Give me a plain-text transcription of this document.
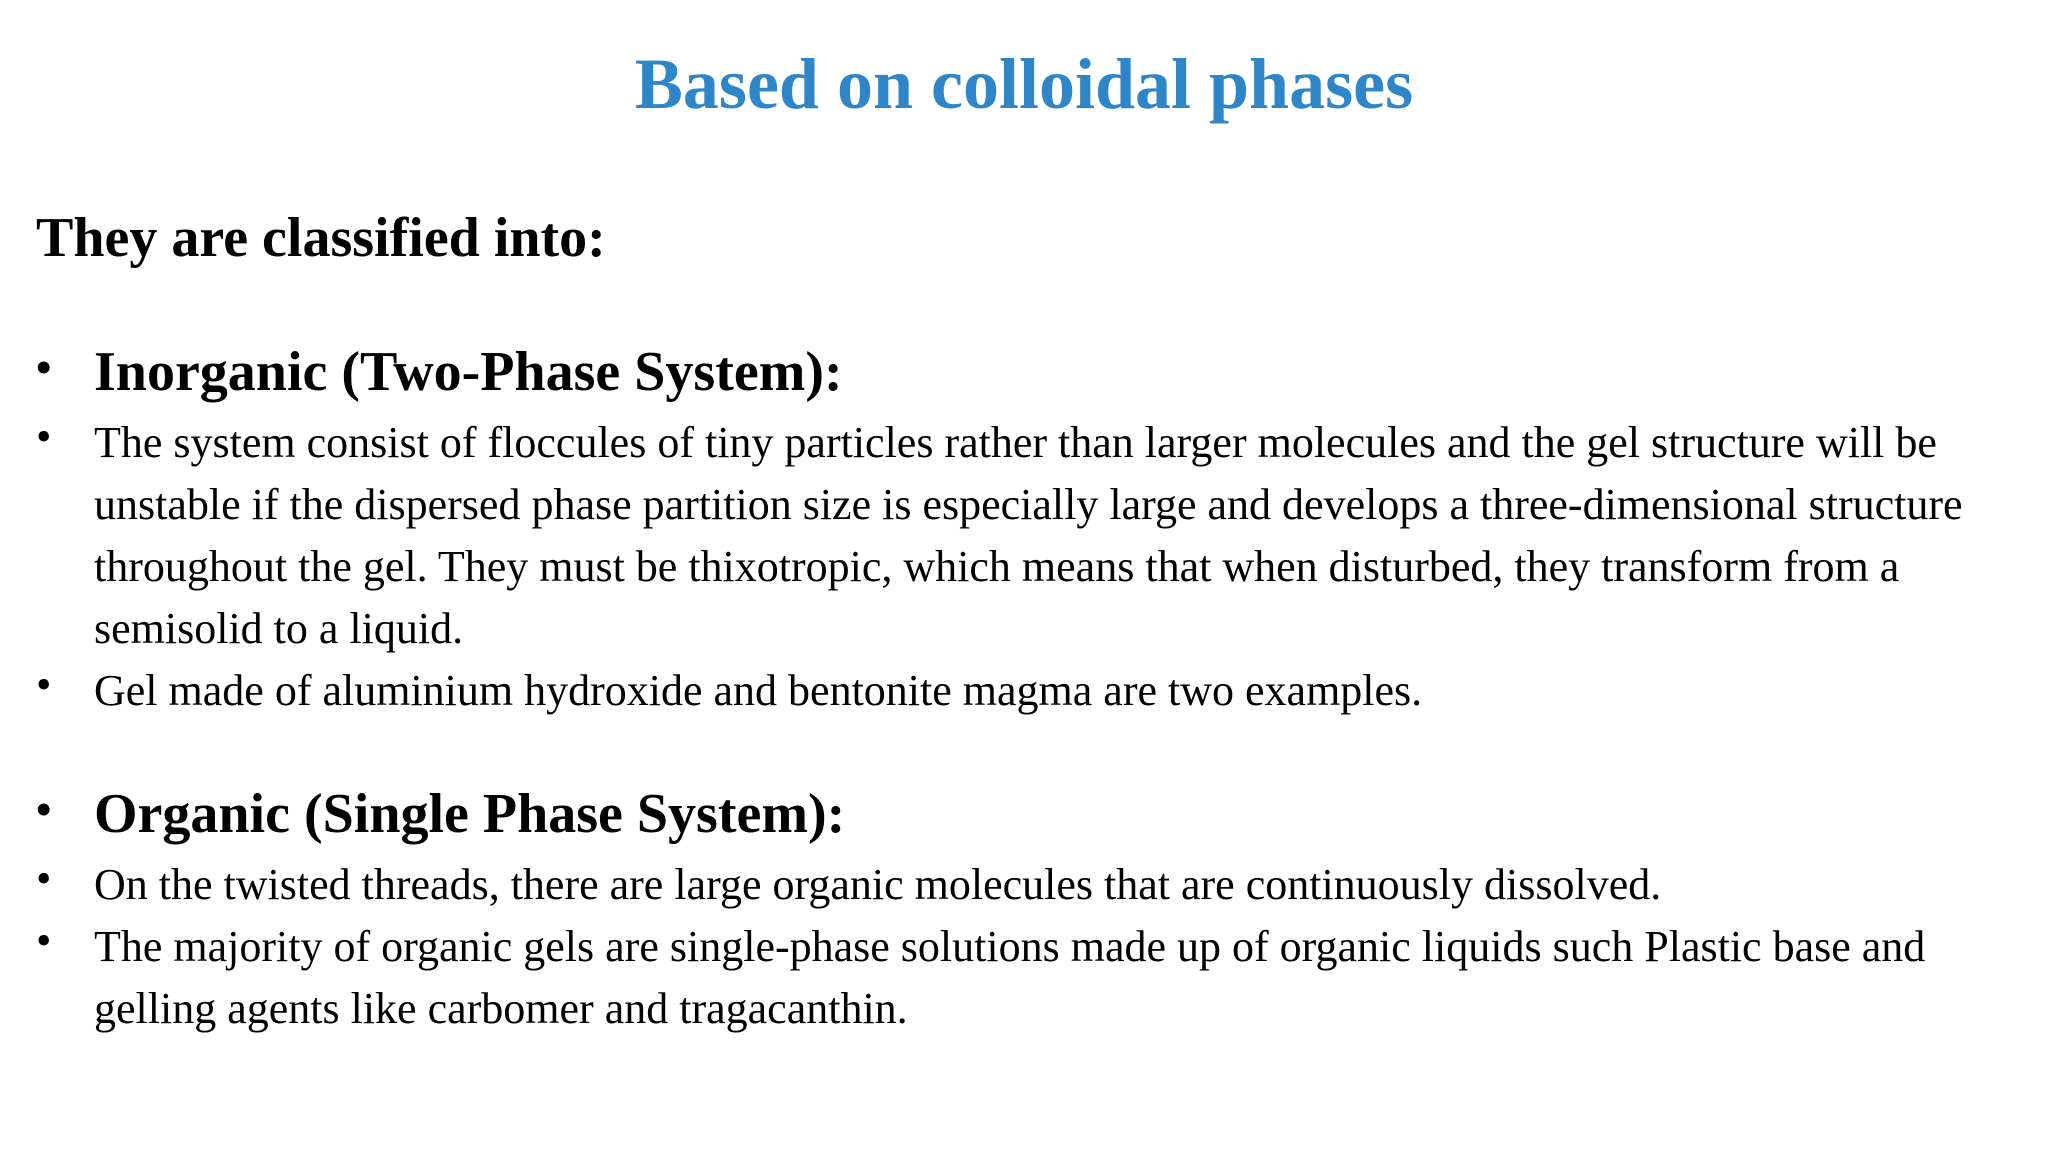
Based on colloidal phases

They are classified into:

• Inorganic (Two-Phase System):
• The system consist of floccules of tiny particles rather than larger molecules and the gel structure will be unstable if the dispersed phase partition size is especially large and develops a three-dimensional structure throughout the gel. They must be thixotropic, which means that when disturbed, they transform from a semisolid to a liquid.
• Gel made of aluminium hydroxide and bentonite magma are two examples.
• Organic (Single Phase System):
• On the twisted threads, there are large organic molecules that are continuously dissolved.
• The majority of organic gels are single-phase solutions made up of organic liquids such Plastic base and gelling agents like carbomer and tragacanthin.
